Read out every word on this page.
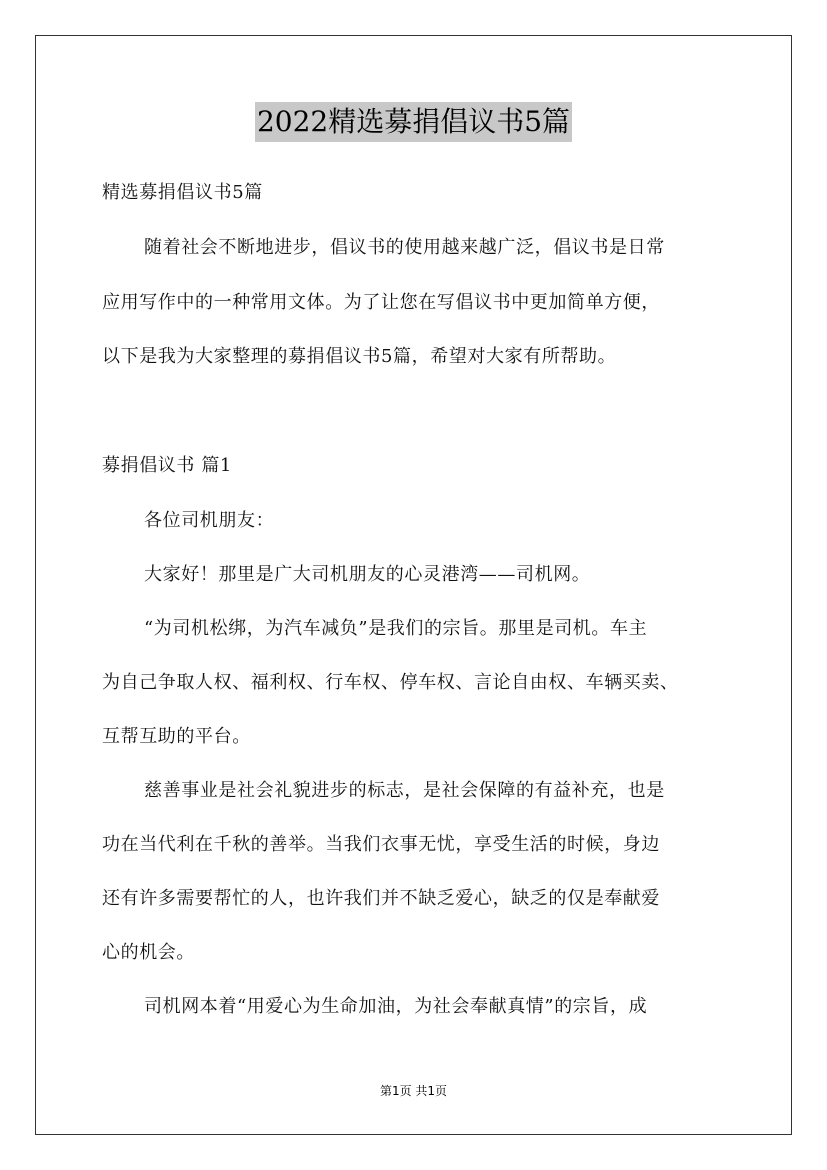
2022精选募捐倡议书5篇
精选募捐倡议书5篇
随着社会不断地进步，倡议书的使用越来越广泛，倡议书是日常
应用写作中的一种常用文体。为了让您在写倡议书中更加简单方便，
以下是我为大家整理的募捐倡议书5篇，希望对大家有所帮助。
募捐倡议书 篇1
各位司机朋友：
大家好！那里是广大司机朋友的心灵港湾——司机网。
“为司机松绑，为汽车减负”是我们的宗旨。那里是司机。车主
为自己争取人权、福利权、行车权、停车权、言论自由权、车辆买卖、
互帮互助的平台。
慈善事业是社会礼貌进步的标志，是社会保障的有益补充，也是
功在当代利在千秋的善举。当我们衣事无忧，享受生活的时候，身边
还有许多需要帮忙的人，也许我们并不缺乏爱心，缺乏的仅是奉献爱
心的机会。
司机网本着“用爱心为生命加油，为社会奉献真情”的宗旨，成
第1页 共1页
